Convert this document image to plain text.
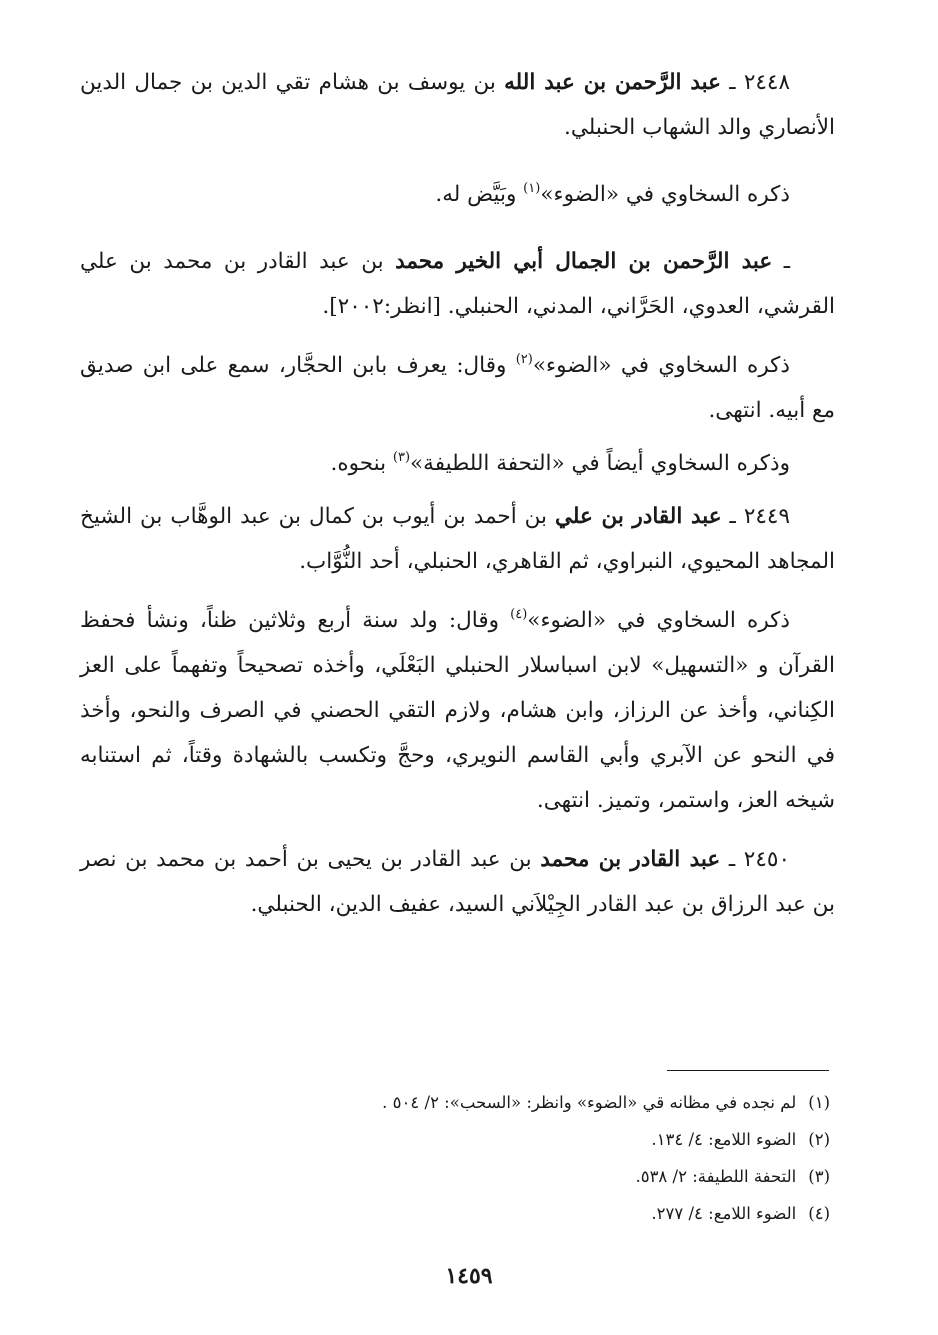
٢٤٤٨ ـ عبد الرَّحمن بن عبد الله بن يوسف بن هشام تقي الدين بن جمال الدين الأنصاري والد الشهاب الحنبلي.

ذكره السخاوي في «الضوء»$^{(١)}$ وبَيَّض له.

ـ عبد الرَّحمن بن الجمال أبي الخير محمد بن عبد القادر بن محمد بن علي القرشي، العدوي، الحَرَّاني، المدني، الحنبلي. [انظر:٢٠٠٢].

ذكره السخاوي في «الضوء»$^{(٢)}$ وقال: يعرف بابن الحجَّار، سمع على ابن صديق مع أبيه. انتهى.

وذكره السخاوي أيضاً في «التحفة اللطيفة»$^{(٣)}$ بنحوه.

٢٤٤٩ ـ عبد القادر بن علي بن أحمد بن أيوب بن كمال بن عبد الوهَّاب بن الشيخ المجاهد المحيوي، النبراوي، ثم القاهري، الحنبلي، أحد النُّوَّاب.

ذكره السخاوي في «الضوء»$^{(٤)}$ وقال: ولد سنة أربع وثلاثين ظناً، ونشأ فحفظ القرآن و «التسهيل» لابن اسباسلار الحنبلي البَعْلَي، وأخذه تصحيحاً وتفهماً على العز الكِناني، وأخذ عن الرزاز، وابن هشام، ولازم التقي الحصني في الصرف والنحو، وأخذ في النحو عن الآبري وأبي القاسم النويري، وحجَّ وتكسب بالشهادة وقتاً، ثم استنابه شيخه العز، واستمر، وتميز. انتهى.

٢٤٥٠ ـ عبد القادر بن محمد بن عبد القادر بن يحيى بن أحمد بن محمد بن نصر بن عبد الرزاق بن عبد القادر الجِيْلاَني السيد، عفيف الدين، الحنبلي.

(١)لم نجده في مظانه قي «الضوء» وانظر: «السحب»: ٢/ ٥٠٤ .

(٢)الضوء اللامع: ٤/ ١٣٤.

(٣)التحفة اللطيفة: ٢/ ٥٣٨.

(٤)الضوء اللامع: ٤/ ٢٧٧.

١٤٥٩
